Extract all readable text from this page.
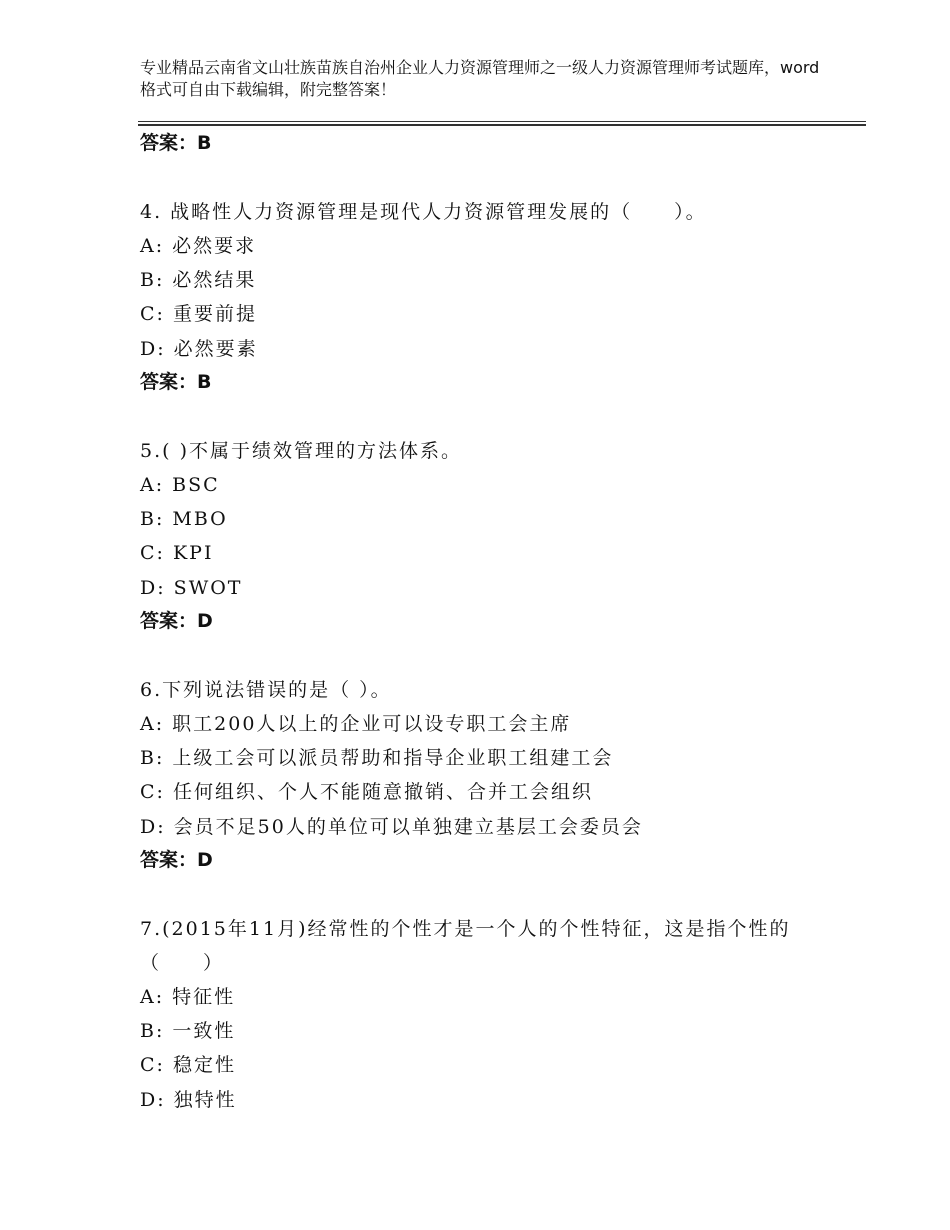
专业精品云南省文山壮族苗族自治州企业人力资源管理师之一级人力资源管理师考试题库，word格式可自由下载编辑，附完整答案！
答案：B
4. 战略性人力资源管理是现代人力资源管理发展的（　　）。
A: 必然要求
B: 必然结果
C: 重要前提
D: 必然要素
答案：B
5.( )不属于绩效管理的方法体系。
A: BSC
B: MBO
C: KPI
D: SWOT
答案：D
6.下列说法错误的是（ ）。
A: 职工200人以上的企业可以设专职工会主席
B: 上级工会可以派员帮助和指导企业职工组建工会
C: 任何组织、个人不能随意撤销、合并工会组织
D: 会员不足50人的单位可以单独建立基层工会委员会
答案：D
7.(2015年11月)经常性的个性才是一个人的个性特征，这是指个性的
（　　）
A: 特征性
B: 一致性
C: 稳定性
D: 独特性
